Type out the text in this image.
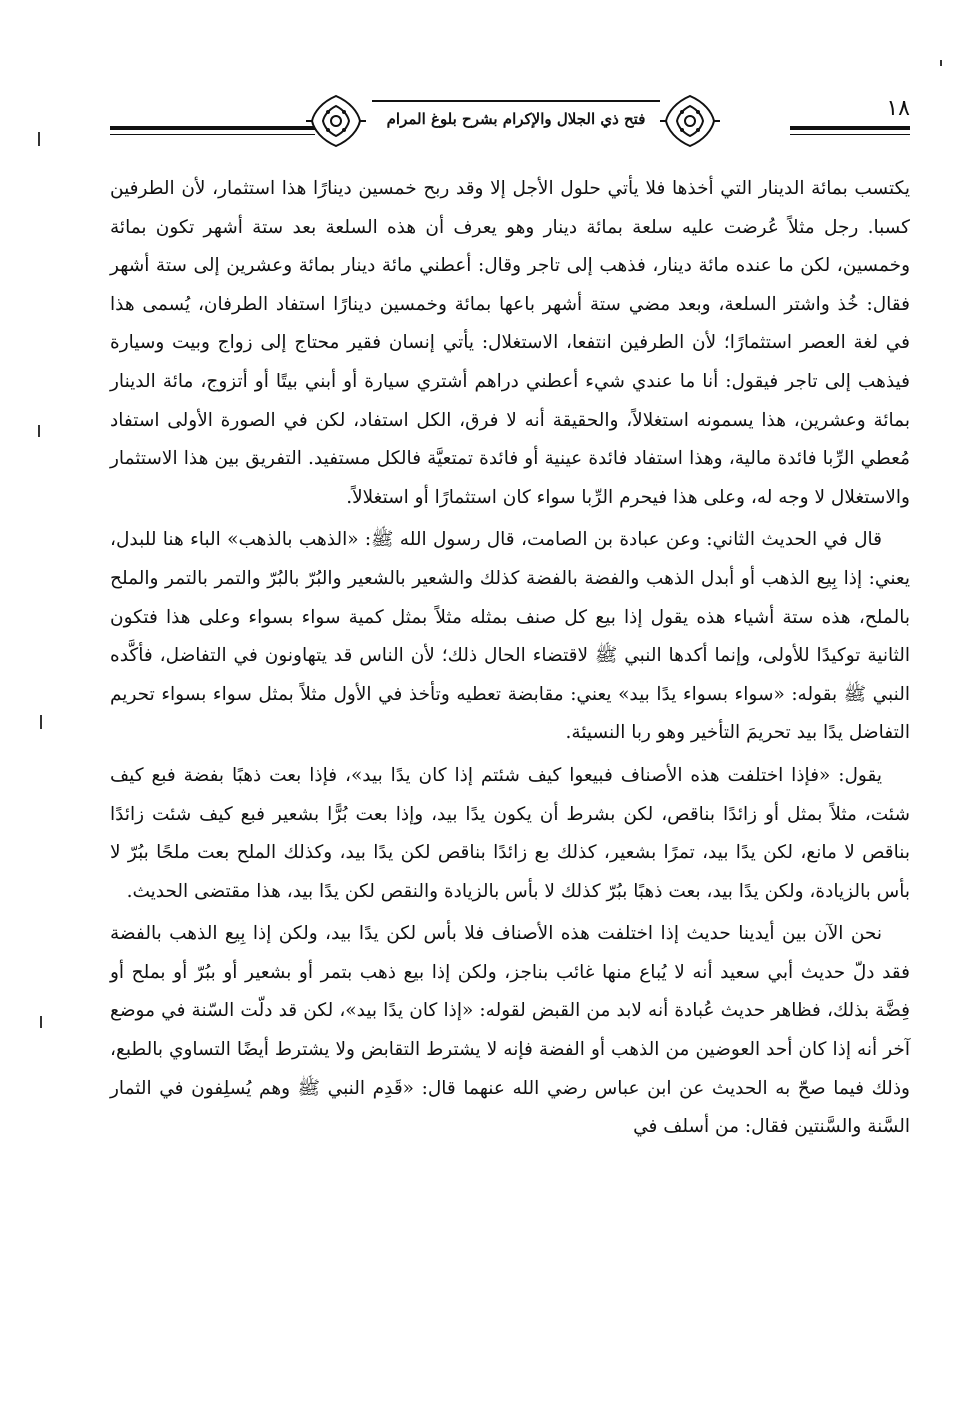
فتح ذي الجلال والإكرام بشرح بلوغ المرام	١٨

يكتسب بمائة الدينار التي أخذها فلا يأتي حلول الأجل إلا وقد ربح خمسين دينارًا هذا استثمار، لأن الطرفين كسبا. رجل مثلاً عُرضت عليه سلعة بمائة دينار وهو يعرف أن هذه السلعة بعد ستة أشهر تكون بمائة وخمسين، لكن ما عنده مائة دينار، فذهب إلى تاجر وقال: أعطني مائة دينار بمائة وعشرين إلى ستة أشهر فقال: خُذ واشتر السلعة، وبعد مضي ستة أشهر باعها بمائة وخمسين دينارًا استفاد الطرفان، يُسمى هذا في لغة العصر استثمارًا؛ لأن الطرفين انتفعا، الاستغلال: يأتي إنسان فقير محتاج إلى زواج وبيت وسيارة فيذهب إلى تاجر فيقول: أنا ما عندي شيء أعطني دراهم أشتري سيارة أو أبني بيتًا أو أتزوج، مائة الدينار بمائة وعشرين، هذا يسمونه استغلالاً، والحقيقة أنه لا فرق، الكل استفاد، لكن في الصورة الأولى استفاد مُعطي الرِّبا فائدة مالية، وهذا استفاد فائدة عينية أو فائدة تمتعيَّة فالكل مستفيد. التفريق بين هذا الاستثمار والاستغلال لا وجه له، وعلى هذا فيحرم الرِّبا سواء كان استثمارًا أو استغلالاً.

قال في الحديث الثاني: وعن عبادة بن الصامت، قال رسول الله ﷺ: «الذهب بالذهب» الباء هنا للبدل، يعني: إذا بِيع الذهب أو أبدل الذهب والفضة بالفضة كذلك والشعير بالشعير والبُرّ بالبُرّ والتمر بالتمر والملح بالملح، هذه ستة أشياء هذه يقول إذا بيع كل صنف بمثله مثلاً بمثل كمية سواء بسواء وعلى هذا فتكون الثانية توكيدًا للأولى، وإنما أكدها النبي ﷺ لاقتضاء الحال ذلك؛ لأن الناس قد يتهاونون في التفاضل، فأكَّده النبي ﷺ بقوله: «سواء بسواء يدًا بيد» يعني: مقابضة تعطيه وتأخذ في الأول مثلاً بمثل سواء بسواء تحريم التفاضل يدًا بيد تحريمَ التأخير وهو ربا النسيئة.

يقول: «فإذا اختلفت هذه الأصناف فبيعوا كيف شئتم إذا كان يدًا بيد»، فإذا بعت ذهبًا بفضة فبع كيف شئت، مثلاً بمثل أو زائدًا بناقص، لكن بشرط أن يكون يدًا بيد، وإذا بعت بُرًّا بشعير فبع كيف شئت زائدًا بناقص لا مانع، لكن يدًا بيد، تمرًا بشعير، كذلك بع زائدًا بناقص لكن يدًا بيد، وكذلك الملح بعت ملحًا ببُرّ لا بأس بالزيادة، ولكن يدًا بيد، بعت ذهبًا ببُرّ كذلك لا بأس بالزيادة والنقص لكن يدًا بيد، هذا مقتضى الحديث.

نحن الآن بين أيدينا حديث إذا اختلفت هذه الأصناف فلا بأس لكن يدًا بيد، ولكن إذا بِيع الذهب بالفضة فقد دلّ حديث أبي سعيد أنه لا يُباع منها غائب بناجز، ولكن إذا بيع ذهب بتمر أو بشعير أو ببُرّ أو بملح أو فِضَّة بذلك، فظاهر حديث عُبادة أنه لابد من القبض لقوله: «إذا كان يدًا بيد»، لكن قد دلّت السّنة في موضع آخر أنه إذا كان أحد العوضين من الذهب أو الفضة فإنه لا يشترط التقابض ولا يشترط أيضًا التساوي بالطبع، وذلك فيما صحّ به الحديث عن ابن عباس رضي الله عنهما قال: «قَدِم النبي ﷺ وهم يُسلِفون في الثمار السَّنة والسَّنتين فقال: من أسلف في
